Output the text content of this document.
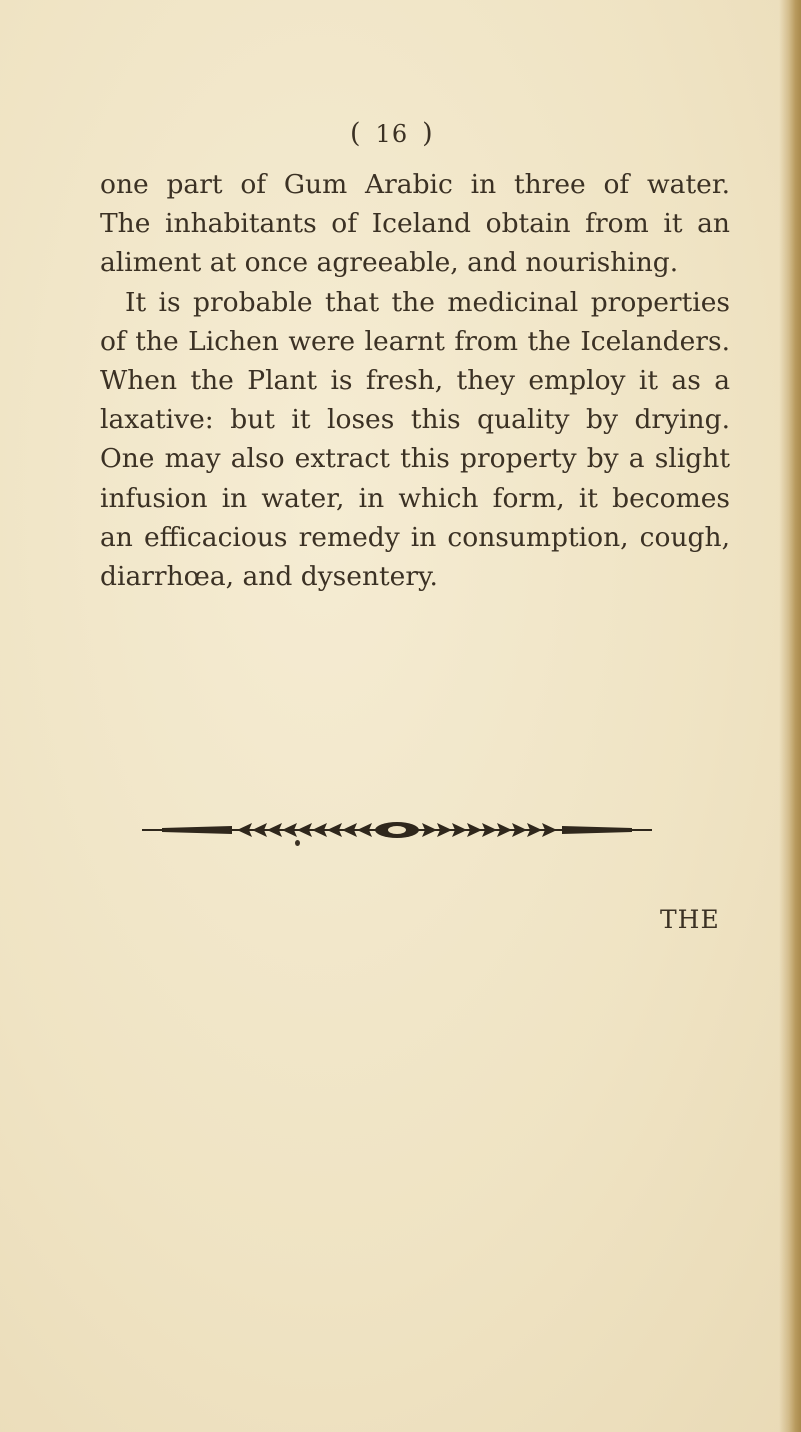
( 16 )
one part of Gum Arabic in three of water.
The inhabitants of Iceland obtain from it an
aliment at once agreeable, and nourishing.
It is probable that the medicinal properties
of the Lichen were learnt from the Icelanders.
When the Plant is fresh, they employ it as a
laxative: but it loses this quality by drying.
One may also extract this property by a slight
infusion in water, in which form, it becomes
an efficacious remedy in consumption, cough,
diarrhœa, and dysentery.
THE
